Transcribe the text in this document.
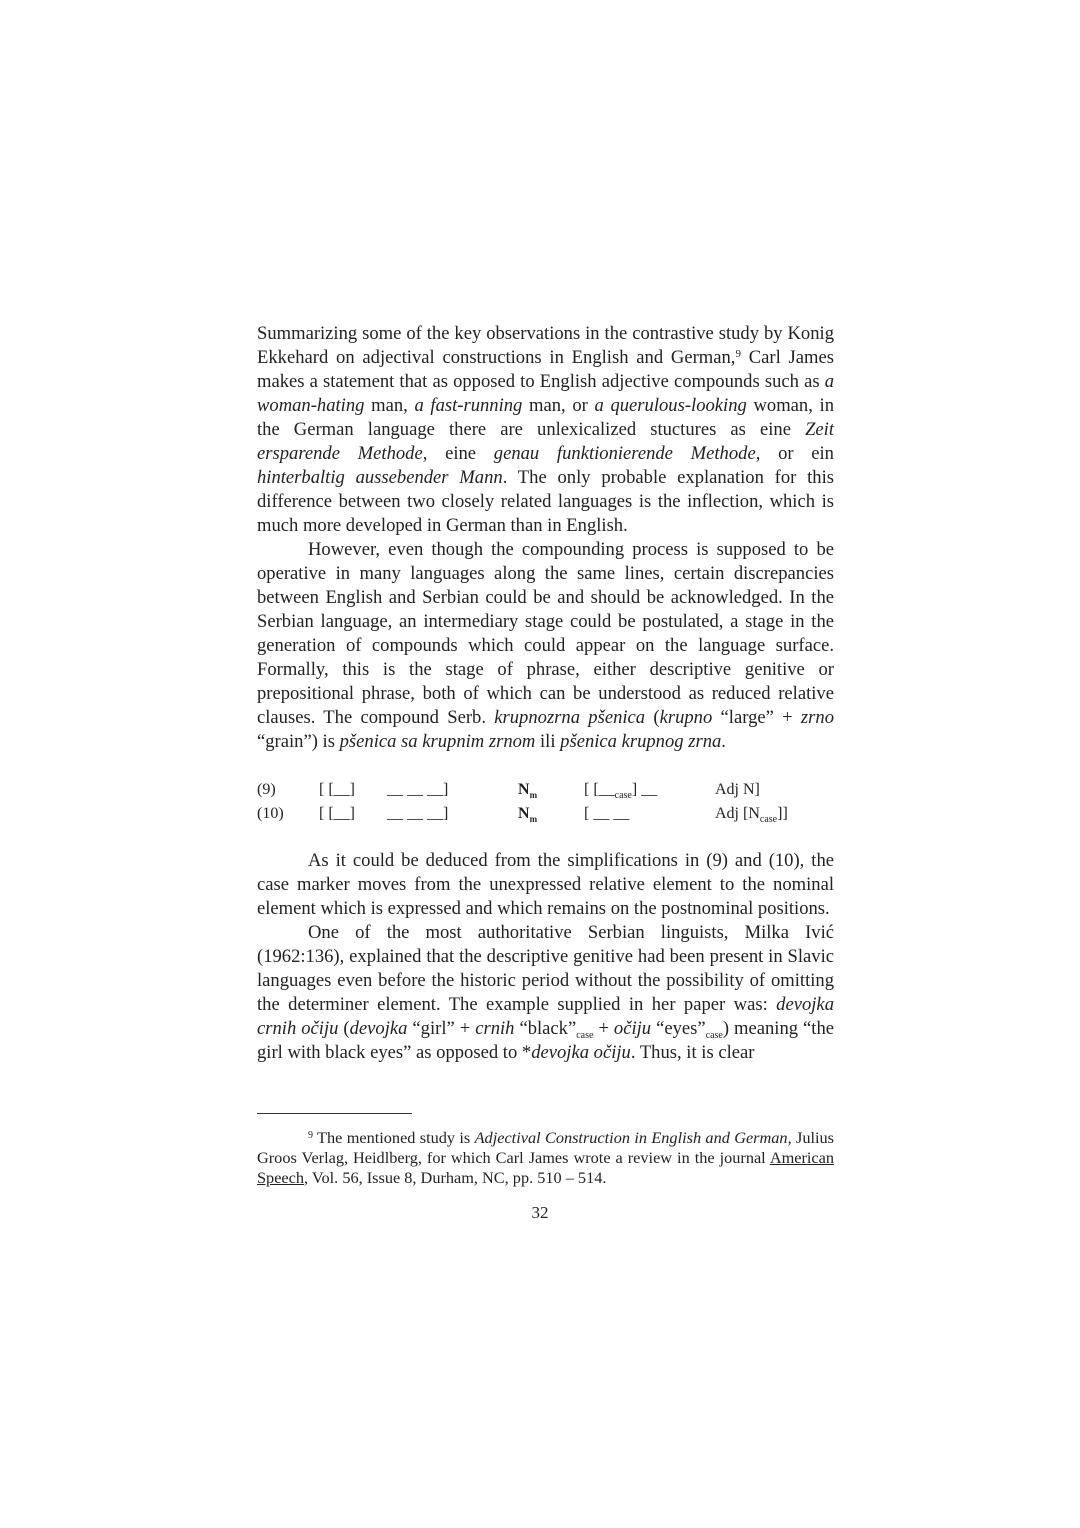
Summarizing some of the key observations in the contrastive study by Konig Ekkehard on adjectival constructions in English and German,$^9$ Carl James makes a statement that as opposed to English adjective compounds such as a woman-hating man, a fast-running man, or a querulous-looking woman, in the German language there are unlexicalized stuctures as eine Zeit ersparende Methode, eine genau funktionierende Methode, or ein hinterbaltig aussebender Mann. The only probable explanation for this difference between two closely related languages is the inflection, which is much more developed in German than in English.

However, even though the compounding process is supposed to be operative in many languages along the same lines, certain discrepancies between English and Serbian could be and should be acknowledged. In the Serbian language, an intermediary stage could be postulated, a stage in the generation of compounds which could appear on the language surface. Formally, this is the stage of phrase, either descriptive genitive or prepositional phrase, both of which can be understood as reduced relative clauses. The compound Serb. krupnozrna pšenica (krupno “large” + zrno “grain”) is pšenica sa krupnim zrnom ili pšenica krupnog zrna.

(9)	[ [__] __ __ __]	$N_m$	[ $[\_\__{case}]$ __	Adj N]
(10) [ [__] __ __ __]	$N_m$	[ __ __	Adj $[N_{case}]$]

As it could be deduced from the simplifications in (9) and (10), the case marker moves from the unexpressed relative element to the nominal element which is expressed and which remains on the postnominal positions.

One of the most authoritative Serbian linguists, Milka Ivić (1962:136), explained that the descriptive genitive had been present in Slavic languages even before the historic period without the possibility of omitting the determiner element. The example supplied in her paper was: devojka crnih očiju (devojka “girl” + crnih “$black”_{case}$ + očiju “$eyes”_{case}$) meaning “the girl with black eyes” as opposed to *devojka očiju. Thus, it is clear

$^9$ The mentioned study is Adjectival Construction in English and German, Julius Groos Verlag, Heidlberg, for which Carl James wrote a review in the journal American Speech, Vol. 56, Issue 8, Durham, NC, pp. 510 – 514.

32
